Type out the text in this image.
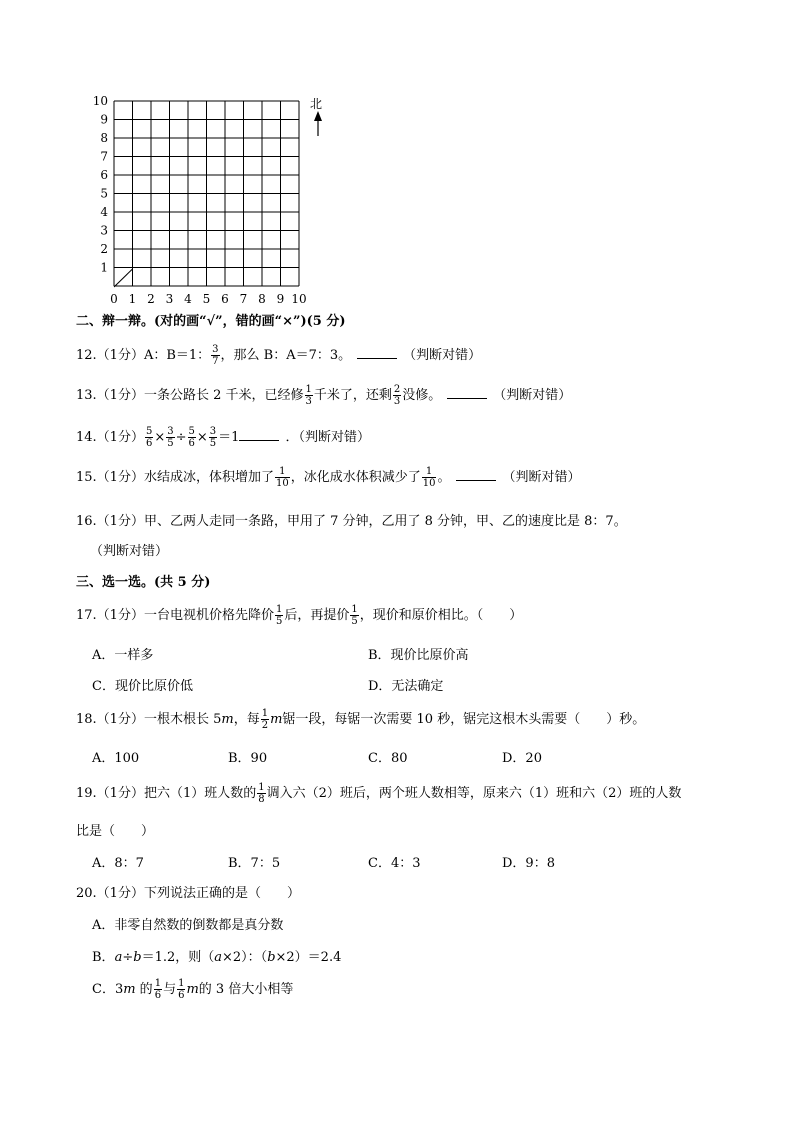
10
9
8
7
6
5
4
3
2
1
0 1 2 3 4 5 6 7 8 9 10
北
二、辩一辩。(对的画“√”，错的画“×”)(5 分)
12.（1分）A：B＝1： $\frac{3}{7}$ ，那么 B：A＝7：3。	（判断对错）
13.（1分）一条公路长 2 千米，已经修 $\frac{1}{3}$ 千米了，还剩 $\frac{2}{3}$ 没修。	（判断对错）
14.（1分） $\frac{5}{6} \times \frac{3}{5} \div \frac{5}{6} \times \frac{3}{5} =1$	．（判断对错）
15.（1分）水结成冰，体积增加了 $\frac{1}{10}$ ，冰化成水体积减少了 $\frac{1}{10}$ 。	（判断对错）
16.（1分）甲、乙两人走同一条路，甲用了 7 分钟，乙用了 8 分钟，甲、乙的速度比是 8：7。
（判断对错）
三、选一选。(共 5 分)
17.（1分）一台电视机价格先降价 $\frac{1}{5}$ 后，再提价 $\frac{1}{5}$ ，现价和原价相比。（　　）
A．一样多	B．现价比原价高
C．现价比原价低	D．无法确定
18.（1分）一根木根长 5m，每 $\frac{1}{2}$ m锯一段，每锯一次需要 10 秒，锯完这根木头需要（　　）秒。
A．100	B．90	C．80	D．20
19.（1分）把六（1）班人数的 $\frac{1}{8}$ 调入六（2）班后，两个班人数相等，原来六（1）班和六（2）班的人数
比是（　　）
A．8：7	B．7：5	C．4：3	D．9：8
20.（1分）下列说法正确的是（　　）
A．非零自然数的倒数都是真分数
B．a÷b＝1.2，则（a×2）：（b×2）＝2.4
C．3m 的 $\frac{1}{6}$ 与 $\frac{1}{6}$ m的 3 倍大小相等
